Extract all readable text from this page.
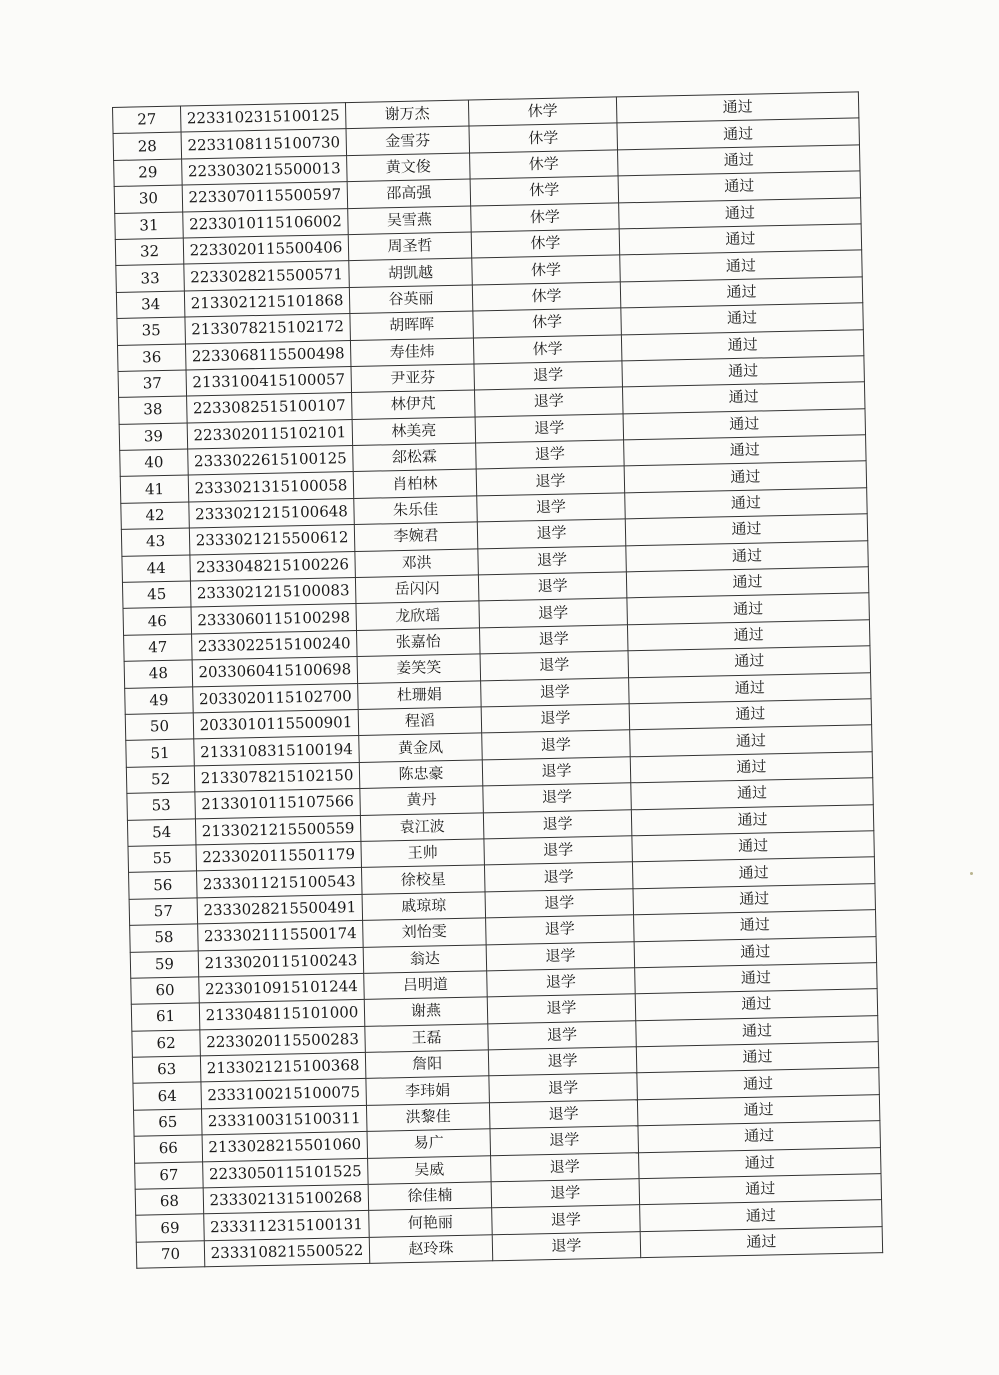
27	2233102315100125	谢万杰	休学	通过
28	2233108115100730	金雪芬	休学	通过
29	2233030215500013	黄文俊	休学	通过
30	2233070115500597	邵高强	休学	通过
31	2233010115106002	吴雪燕	休学	通过
32	2233020115500406	周圣哲	休学	通过
33	2233028215500571	胡凯越	休学	通过
34	2133021215101868	谷英丽	休学	通过
35	2133078215102172	胡晖晖	休学	通过
36	2233068115500498	寿佳炜	休学	通过
37	2133100415100057	尹亚芬	退学	通过
38	2233082515100107	林伊芃	退学	通过
39	2233020115102101	林美亮	退学	通过
40	2333022615100125	郐松霖	退学	通过
41	2333021315100058	肖柏林	退学	通过
42	2333021215100648	朱乐佳	退学	通过
43	2333021215500612	李婉君	退学	通过
44	2333048215100226	邓洪	退学	通过
45	2333021215100083	岳闪闪	退学	通过
46	2333060115100298	龙欣瑶	退学	通过
47	2333022515100240	张嘉怡	退学	通过
48	2033060415100698	姜笑笑	退学	通过
49	2033020115102700	杜珊娟	退学	通过
50	2033010115500901	程滔	退学	通过
51	2133108315100194	黄金凤	退学	通过
52	2133078215102150	陈忠豪	退学	通过
53	2133010115107566	黄丹	退学	通过
54	2133021215500559	袁江波	退学	通过
55	2233020115501179	王帅	退学	通过
56	2333011215100543	徐校星	退学	通过
57	2333028215500491	戚琼琼	退学	通过
58	2333021115500174	刘怡雯	退学	通过
59	2133020115100243	翁达	退学	通过
60	2233010915101244	吕明道	退学	通过
61	2133048115101000	谢燕	退学	通过
62	2233020115500283	王磊	退学	通过
63	2133021215100368	詹阳	退学	通过
64	2333100215100075	李玮娟	退学	通过
65	2333100315100311	洪黎佳	退学	通过
66	2133028215501060	易广	退学	通过
67	2233050115101525	吴威	退学	通过
68	2333021315100268	徐佳楠	退学	通过
69	2333112315100131	何艳丽	退学	通过
70	2333108215500522	赵玲珠	退学	通过
